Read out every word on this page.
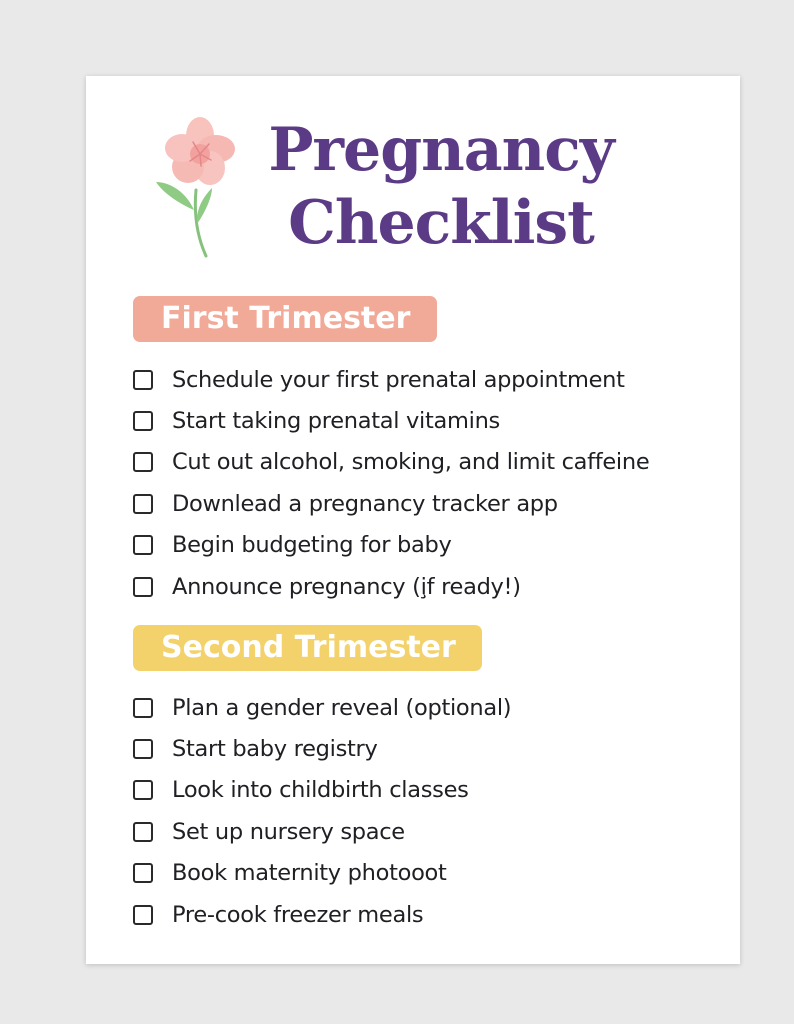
Pregnancy Checklist
First Trimester
Schedule your first prenatal appointment
Start taking prenatal vitamins
Cut out alcohol, smoking, and limit caffeine
Downlead a pregnancy tracker app
Begin budgeting for baby
Announce pregnancy (i̧f ready!)
Second Trimester
Plan a gender reveal (optional)
Start baby registry
Look into childbirth classes
Set up nursery space
Book maternity photooot
Pre-cook freezer meals
